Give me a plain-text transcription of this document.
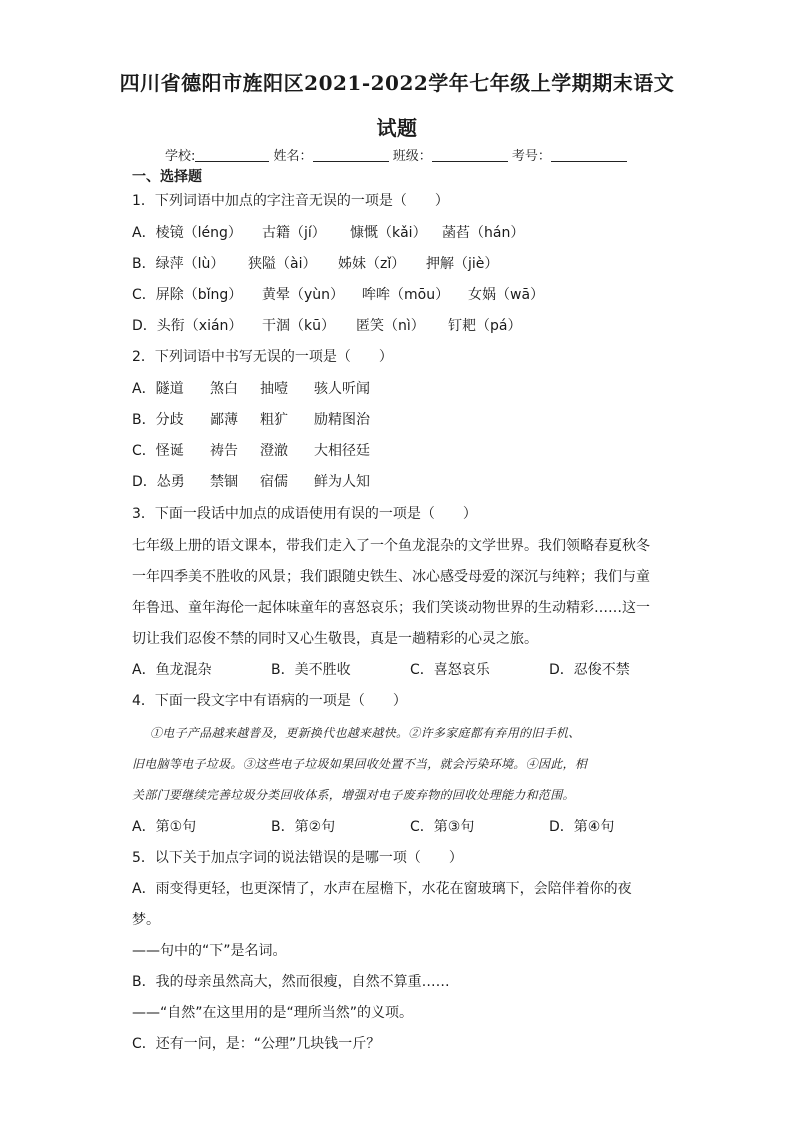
四川省德阳市旌阳区2021-2022学年七年级上学期期末语文
试题
学校:	姓名：	班级：	考号：
一、选择题
1．下列词语中加点的字注音无误的一项是（　　）
A．棱镜（léng） 古籍（jí） 慷慨（kǎi） 菡萏（hán）
B．绿萍（lù） 狭隘（ài） 姊妹（zǐ） 押解（jiè）
C．屏除（bǐng） 黄晕（yùn） 哞哞（mōu） 女娲（wā）
D．头衔（xián） 干涸（kū） 匿笑（nì） 钉耙（pá）
2．下列词语中书写无误的一项是（　　）
A．隧道 煞白 抽噎 骇人听闻
B．分歧 鄙薄 粗犷 励精图治
C．怪诞 祷告 澄澈 大相径廷
D．怂勇 禁锢 宿儒 鲜为人知
3．下面一段话中加点的成语使用有误的一项是（　　）
七年级上册的语文课本，带我们走入了一个鱼龙混杂的文学世界。我们领略春夏秋冬
一年四季美不胜收的风景；我们跟随史铁生、冰心感受母爱的深沉与纯粹；我们与童
年鲁迅、童年海伦一起体味童年的喜怒哀乐；我们笑谈动物世界的生动精彩……这一
切让我们忍俊不禁的同时又心生敬畏，真是一趟精彩的心灵之旅。
A．鱼龙混杂	B．美不胜收	C．喜怒哀乐	D．忍俊不禁
4．下面一段文字中有语病的一项是（　　）
①电子产品越来越普及，更新换代也越来越快。②许多家庭都有弃用的旧手机、
旧电脑等电子垃圾。③这些电子垃圾如果回收处置不当，就会污染环境。④因此，相
关部门要继续完善垃圾分类回收体系，增强对电子废弃物的回收处理能力和范围。
A．第①句	B．第②句	C．第③句	D．第④句
5．以下关于加点字词的说法错误的是哪一项（　　）
A．雨变得更轻，也更深情了，水声在屋檐下，水花在窗玻璃下，会陪伴着你的夜
梦。
——句中的“下”是名词。
B．我的母亲虽然高大，然而很瘦，自然不算重……
——“自然”在这里用的是“理所当然”的义项。
C．还有一问，是：“公理”几块钱一斤？
